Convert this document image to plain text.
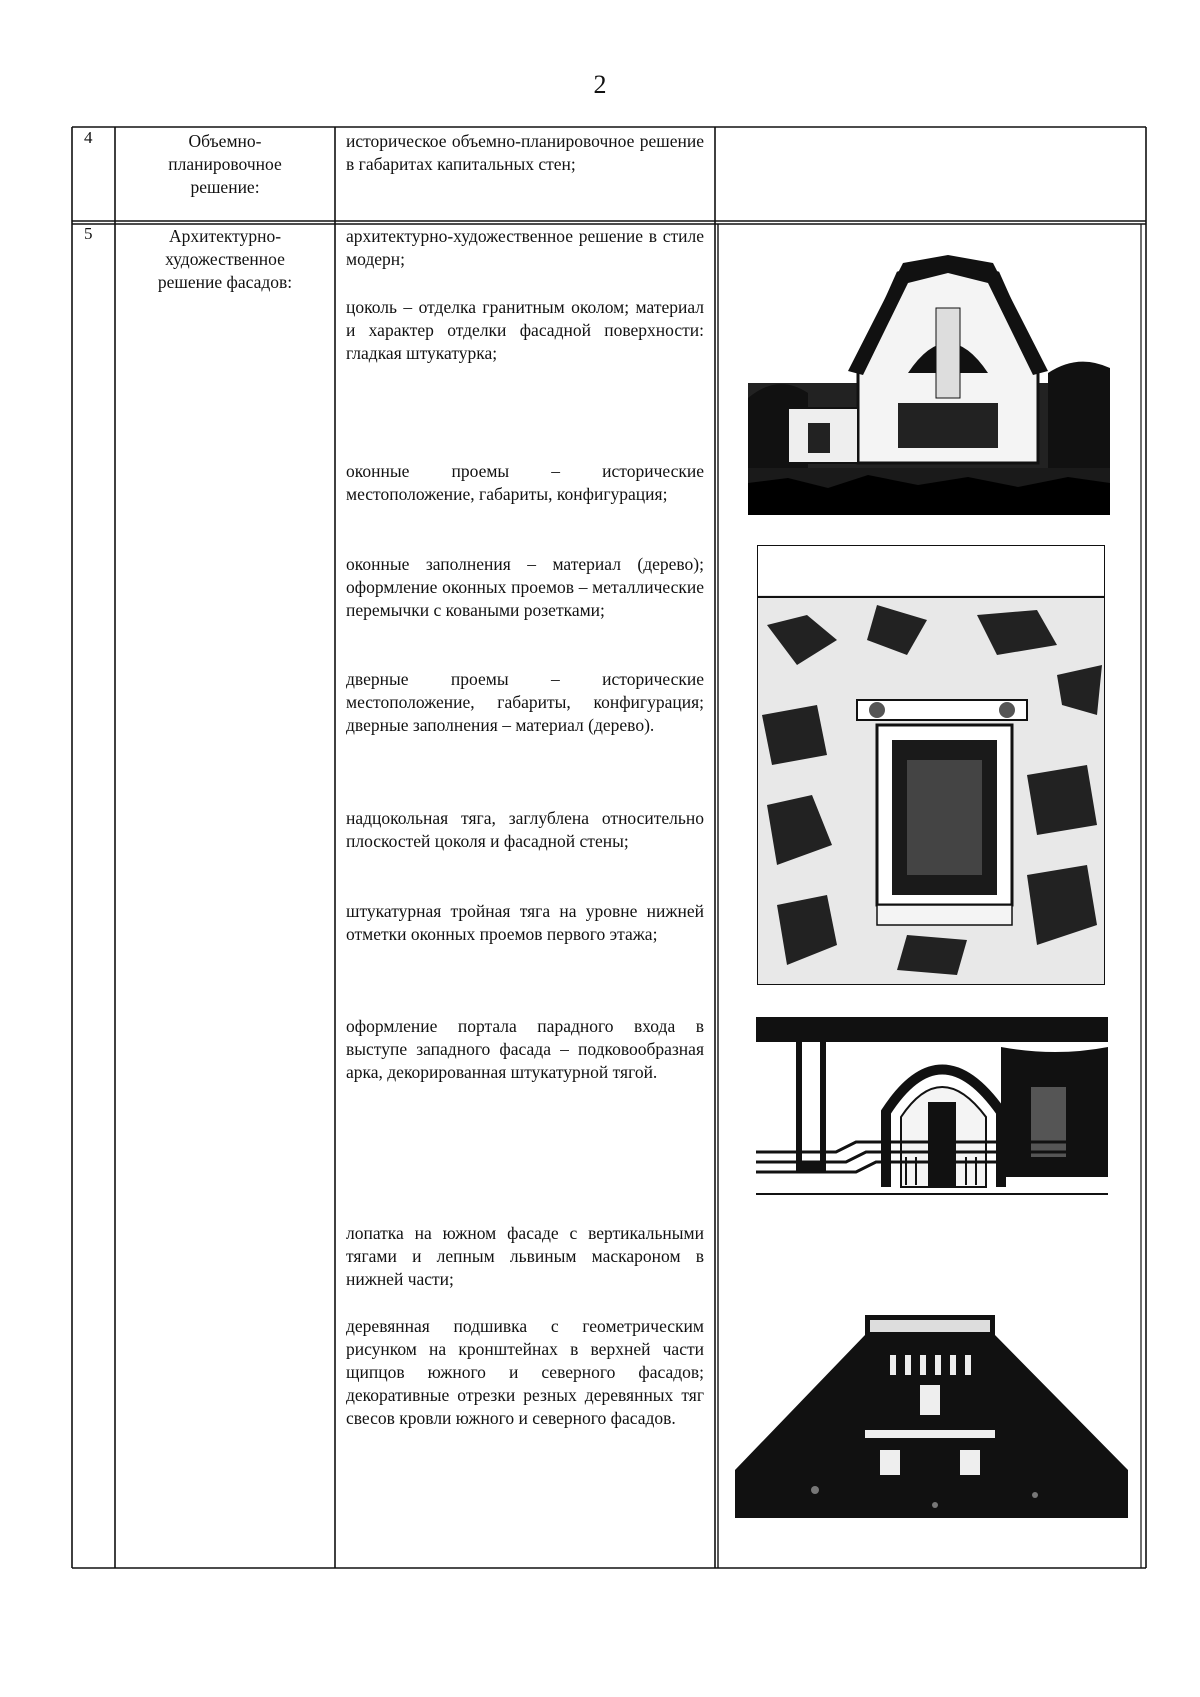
2
4	Объемно-
планировочное
решение:

историческое объемно-планировочное решение в габаритах капитальных стен;

5	Архитектурно-
художественное
решение фасадов:
архитектурно-художественное решение в стиле модерн;
цоколь – отделка гранитным околом; материал и характер отделки фасадной поверхности: гладкая штукатурка;
оконные проемы – исторические местоположение, габариты, конфигурация;
оконные заполнения – материал (дерево); оформление оконных проемов – металлические перемычки с коваными розетками;
дверные проемы – исторические местоположение, габариты, конфигурация; дверные заполнения – материал (дерево).
надцокольная тяга, заглублена относительно плоскостей цоколя и фасадной стены;
штукатурная тройная тяга на уровне нижней отметки оконных проемов первого этажа;
оформление портала парадного входа в выступе западного фасада – подковообразная арка, декорированная штукатурной тягой.
лопатка на южном фасаде с вертикальными тягами и лепным львиным маскароном в нижней части;
деревянная подшивка с геометрическим рисунком на кронштейнах в верхней части щипцов южного и северного фасадов; декоративные отрезки резных деревянных тяг свесов кровли южного и северного фасадов.
